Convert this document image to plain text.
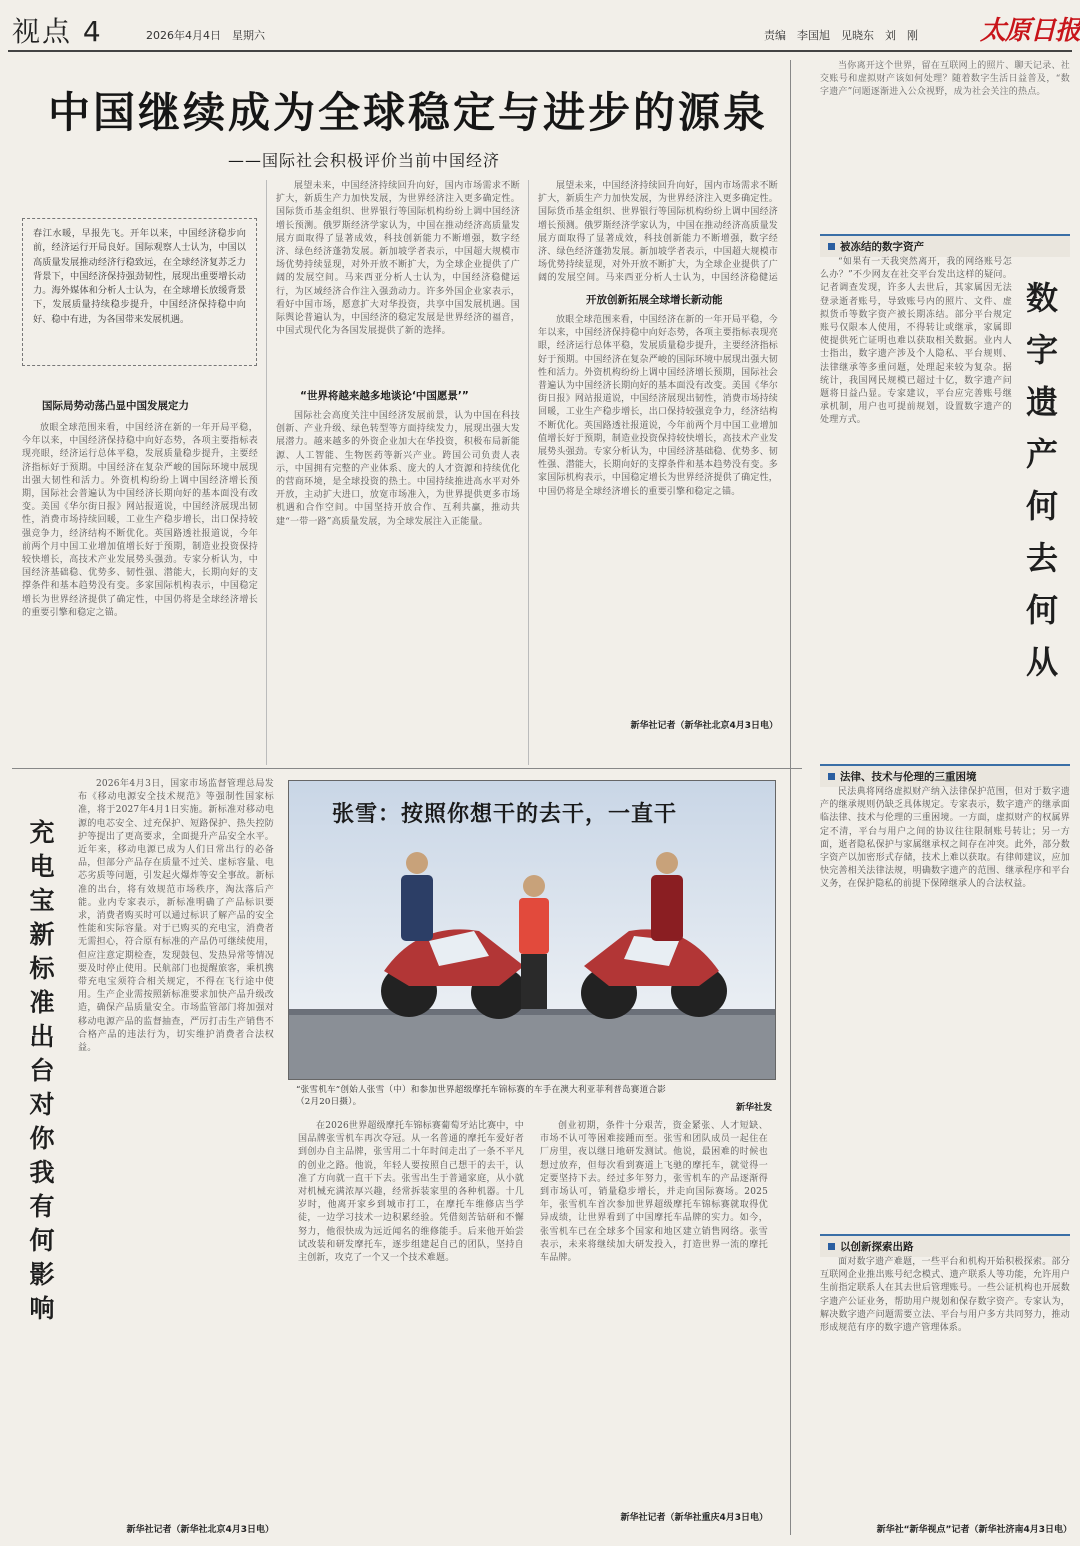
视点 4	2026年4月4日　星期六	责编　李国旭　见晓东　刘　刚 太原日报
中国继续成为全球稳定与进步的源泉
——国际社会积极评价当前中国经济
春江水暖，早报先飞。开年以来，中国经济稳步向前，经济运行开局良好。国际观察人士认为，中国以高质量发展推动经济行稳致远，在全球经济复苏乏力背景下，中国经济保持强劲韧性，展现出重要增长动力。海外媒体和分析人士认为，在全球增长放缓背景下，发展质量持续稳步提升，中国经济保持稳中向好、稳中有进，为各国带来发展机遇。
国际局势动荡凸显中国发展定力

放眼全球范围来看，中国经济在新的一年开局平稳，今年以来，中国经济保持稳中向好态势，各项主要指标表现亮眼，经济运行总体平稳，发展质量稳步提升，主要经济指标好于预期。中国经济在复杂严峻的国际环境中展现出强大韧性和活力。外资机构纷纷上调中国经济增长预期，国际社会普遍认为中国经济长期向好的基本面没有改变。美国《华尔街日报》网站报道说，中国经济展现出韧性，消费市场持续回暖，工业生产稳步增长，出口保持较强竞争力，经济结构不断优化。英国路透社报道说，今年前两个月中国工业增加值增长好于预期，制造业投资保持较快增长，高技术产业发展势头强劲。专家分析认为，中国经济基础稳、优势多、韧性强、潜能大，长期向好的支撑条件和基本趋势没有变。多家国际机构表示，中国稳定增长为世界经济提供了确定性，中国仍将是全球经济增长的重要引擎和稳定之锚。

展望未来，中国经济持续回升向好，国内市场需求不断扩大，新质生产力加快发展，为世界经济注入更多确定性。国际货币基金组织、世界银行等国际机构纷纷上调中国经济增长预测。俄罗斯经济学家认为，中国在推动经济高质量发展方面取得了显著成效，科技创新能力不断增强，数字经济、绿色经济蓬勃发展。新加坡学者表示，中国超大规模市场优势持续显现，对外开放不断扩大，为全球企业提供了广阔的发展空间。马来西亚分析人士认为，中国经济稳健运行，为区域经济合作注入强劲动力。许多外国企业家表示，看好中国市场，愿意扩大对华投资，共享中国发展机遇。国际舆论普遍认为，中国经济的稳定发展是世界经济的福音，中国式现代化为各国发展提供了新的选择。

“世界将越来越多地谈论‘中国愿景’”

国际社会高度关注中国经济发展前景，认为中国在科技创新、产业升级、绿色转型等方面持续发力，展现出强大发展潜力。越来越多的外资企业加大在华投资，积极布局新能源、人工智能、生物医药等新兴产业。跨国公司负责人表示，中国拥有完整的产业体系、庞大的人才资源和持续优化的营商环境，是全球投资的热土。中国持续推进高水平对外开放，主动扩大进口，放宽市场准入，为世界提供更多市场机遇和合作空间。中国坚持开放合作、互利共赢，推动共建“一带一路”高质量发展，为全球发展注入正能量。

展望未来，中国经济持续回升向好，国内市场需求不断扩大，新质生产力加快发展，为世界经济注入更多确定性。国际货币基金组织、世界银行等国际机构纷纷上调中国经济增长预测。俄罗斯经济学家认为，中国在推动经济高质量发展方面取得了显著成效，科技创新能力不断增强，数字经济、绿色经济蓬勃发展。新加坡学者表示，中国超大规模市场优势持续显现，对外开放不断扩大，为全球企业提供了广阔的发展空间。马来西亚分析人士认为，中国经济稳健运

开放创新拓展全球增长新动能

放眼全球范围来看，中国经济在新的一年开局平稳，今年以来，中国经济保持稳中向好态势，各项主要指标表现亮眼，经济运行总体平稳，发展质量稳步提升，主要经济指标好于预期。中国经济在复杂严峻的国际环境中展现出强大韧性和活力。外资机构纷纷上调中国经济增长预期，国际社会普遍认为中国经济长期向好的基本面没有改变。美国《华尔街日报》网站报道说，中国经济展现出韧性，消费市场持续回暖，工业生产稳步增长，出口保持较强竞争力，经济结构不断优化。英国路透社报道说，今年前两个月中国工业增加值增长好于预期，制造业投资保持较快增长，高技术产业发展势头强劲。专家分析认为，中国经济基础稳、优势多、韧性强、潜能大，长期向好的支撑条件和基本趋势没有变。多家国际机构表示，中国稳定增长为世界经济提供了确定性，中国仍将是全球经济增长的重要引擎和稳定之锚。

新华社记者（新华社北京4月3日电）
充电宝新标准出台 对你我有何影响

2026年4月3日，国家市场监督管理总局发布《移动电源安全技术规范》等强制性国家标准，将于2027年4月1日实施。新标准对移动电源的电芯安全、过充保护、短路保护、热失控防护等提出了更高要求，全面提升产品安全水平。近年来，移动电源已成为人们日常出行的必备品，但部分产品存在质量不过关、虚标容量、电芯劣质等问题，引发起火爆炸等安全事故。新标准的出台，将有效规范市场秩序，淘汰落后产能。业内专家表示，新标准明确了产品标识要求，消费者购买时可以通过标识了解产品的安全性能和实际容量。对于已购买的充电宝，消费者无需担心，符合原有标准的产品仍可继续使用，但应注意定期检查，发现鼓包、发热异常等情况要及时停止使用。民航部门也提醒旅客，乘机携带充电宝须符合相关规定，不得在飞行途中使用。生产企业需按照新标准要求加快产品升级改造，确保产品质量安全。市场监管部门将加强对移动电源产品的监督抽查，严厉打击生产销售不合格产品的违法行为，切实维护消费者合法权益。

新华社记者（新华社北京4月3日电）
张雪：按照你想干的去干，一直干
“张雪机车”创始人张雪（中）和参加世界超级摩托车锦标赛的车手在澳大利亚菲利普岛赛道合影（2月20日摄）。
新华社发

在2026世界超级摩托车锦标赛葡萄牙站比赛中，中国品牌张雪机车再次夺冠。从一名普通的摩托车爱好者到创办自主品牌，张雪用二十年时间走出了一条不平凡的创业之路。他说，年轻人要按照自己想干的去干，认准了方向就一直干下去。张雪出生于普通家庭，从小就对机械充满浓厚兴趣，经常拆装家里的各种机器。十几岁时，他离开家乡到城市打工，在摩托车维修店当学徒，一边学习技术一边积累经验。凭借刻苦钻研和不懈努力，他很快成为远近闻名的维修能手。后来他开始尝试改装和研发摩托车，逐步组建起自己的团队，坚持自主创新，攻克了一个又一个技术难题。

创业初期，条件十分艰苦，资金紧张、人才短缺、市场不认可等困难接踵而至。张雪和团队成员一起住在厂房里，夜以继日地研发测试。他说，最困难的时候也想过放弃，但每次看到赛道上飞驰的摩托车，就觉得一定要坚持下去。经过多年努力，张雪机车的产品逐渐得到市场认可，销量稳步增长，并走向国际赛场。2025年，张雪机车首次参加世界超级摩托车锦标赛就取得优异成绩，让世界看到了中国摩托车品牌的实力。如今，张雪机车已在全球多个国家和地区建立销售网络。张雪表示，未来将继续加大研发投入，打造世界一流的摩托车品牌。

新华社记者（新华社重庆4月3日电）

当你离开这个世界，留在互联网上的照片、聊天记录、社交账号和虚拟财产该如何处理？随着数字生活日益普及，“数字遗产”问题逐渐进入公众视野，成为社会关注的热点。

被冻结的数字资产

“如果有一天我突然离开，我的网络账号怎么办？”不少网友在社交平台发出这样的疑问。记者调查发现，许多人去世后，其家属因无法登录逝者账号，导致账号内的照片、文件、虚拟货币等数字资产被长期冻结。部分平台规定账号仅限本人使用，不得转让或继承，家属即使提供死亡证明也难以获取相关数据。业内人士指出，数字遗产涉及个人隐私、平台规则、法律继承等多重问题，处理起来较为复杂。据统计，我国网民规模已超过十亿，数字遗产问题将日益凸显。专家建议，平台应完善账号继承机制，用户也可提前规划，设置数字遗产的处理方式。

数字遗产何去何从
法律、技术与伦理的三重困境

民法典将网络虚拟财产纳入法律保护范围，但对于数字遗产的继承规则仍缺乏具体规定。专家表示，数字遗产的继承面临法律、技术与伦理的三重困境。一方面，虚拟财产的权属界定不清，平台与用户之间的协议往往限制账号转让；另一方面，逝者隐私保护与家属继承权之间存在冲突。此外，部分数字资产以加密形式存储，技术上难以获取。有律师建议，应加快完善相关法律法规，明确数字遗产的范围、继承程序和平台义务，在保护隐私的前提下保障继承人的合法权益。

以创新探索出路

面对数字遗产难题，一些平台和机构开始积极探索。部分互联网企业推出账号纪念模式、遗产联系人等功能，允许用户生前指定联系人在其去世后管理账号。一些公证机构也开展数字遗产公证业务，帮助用户规划和保存数字资产。专家认为，解决数字遗产问题需要立法、平台与用户多方共同努力，推动形成规范有序的数字遗产管理体系。

新华社“新华视点”记者（新华社济南4月3日电）
